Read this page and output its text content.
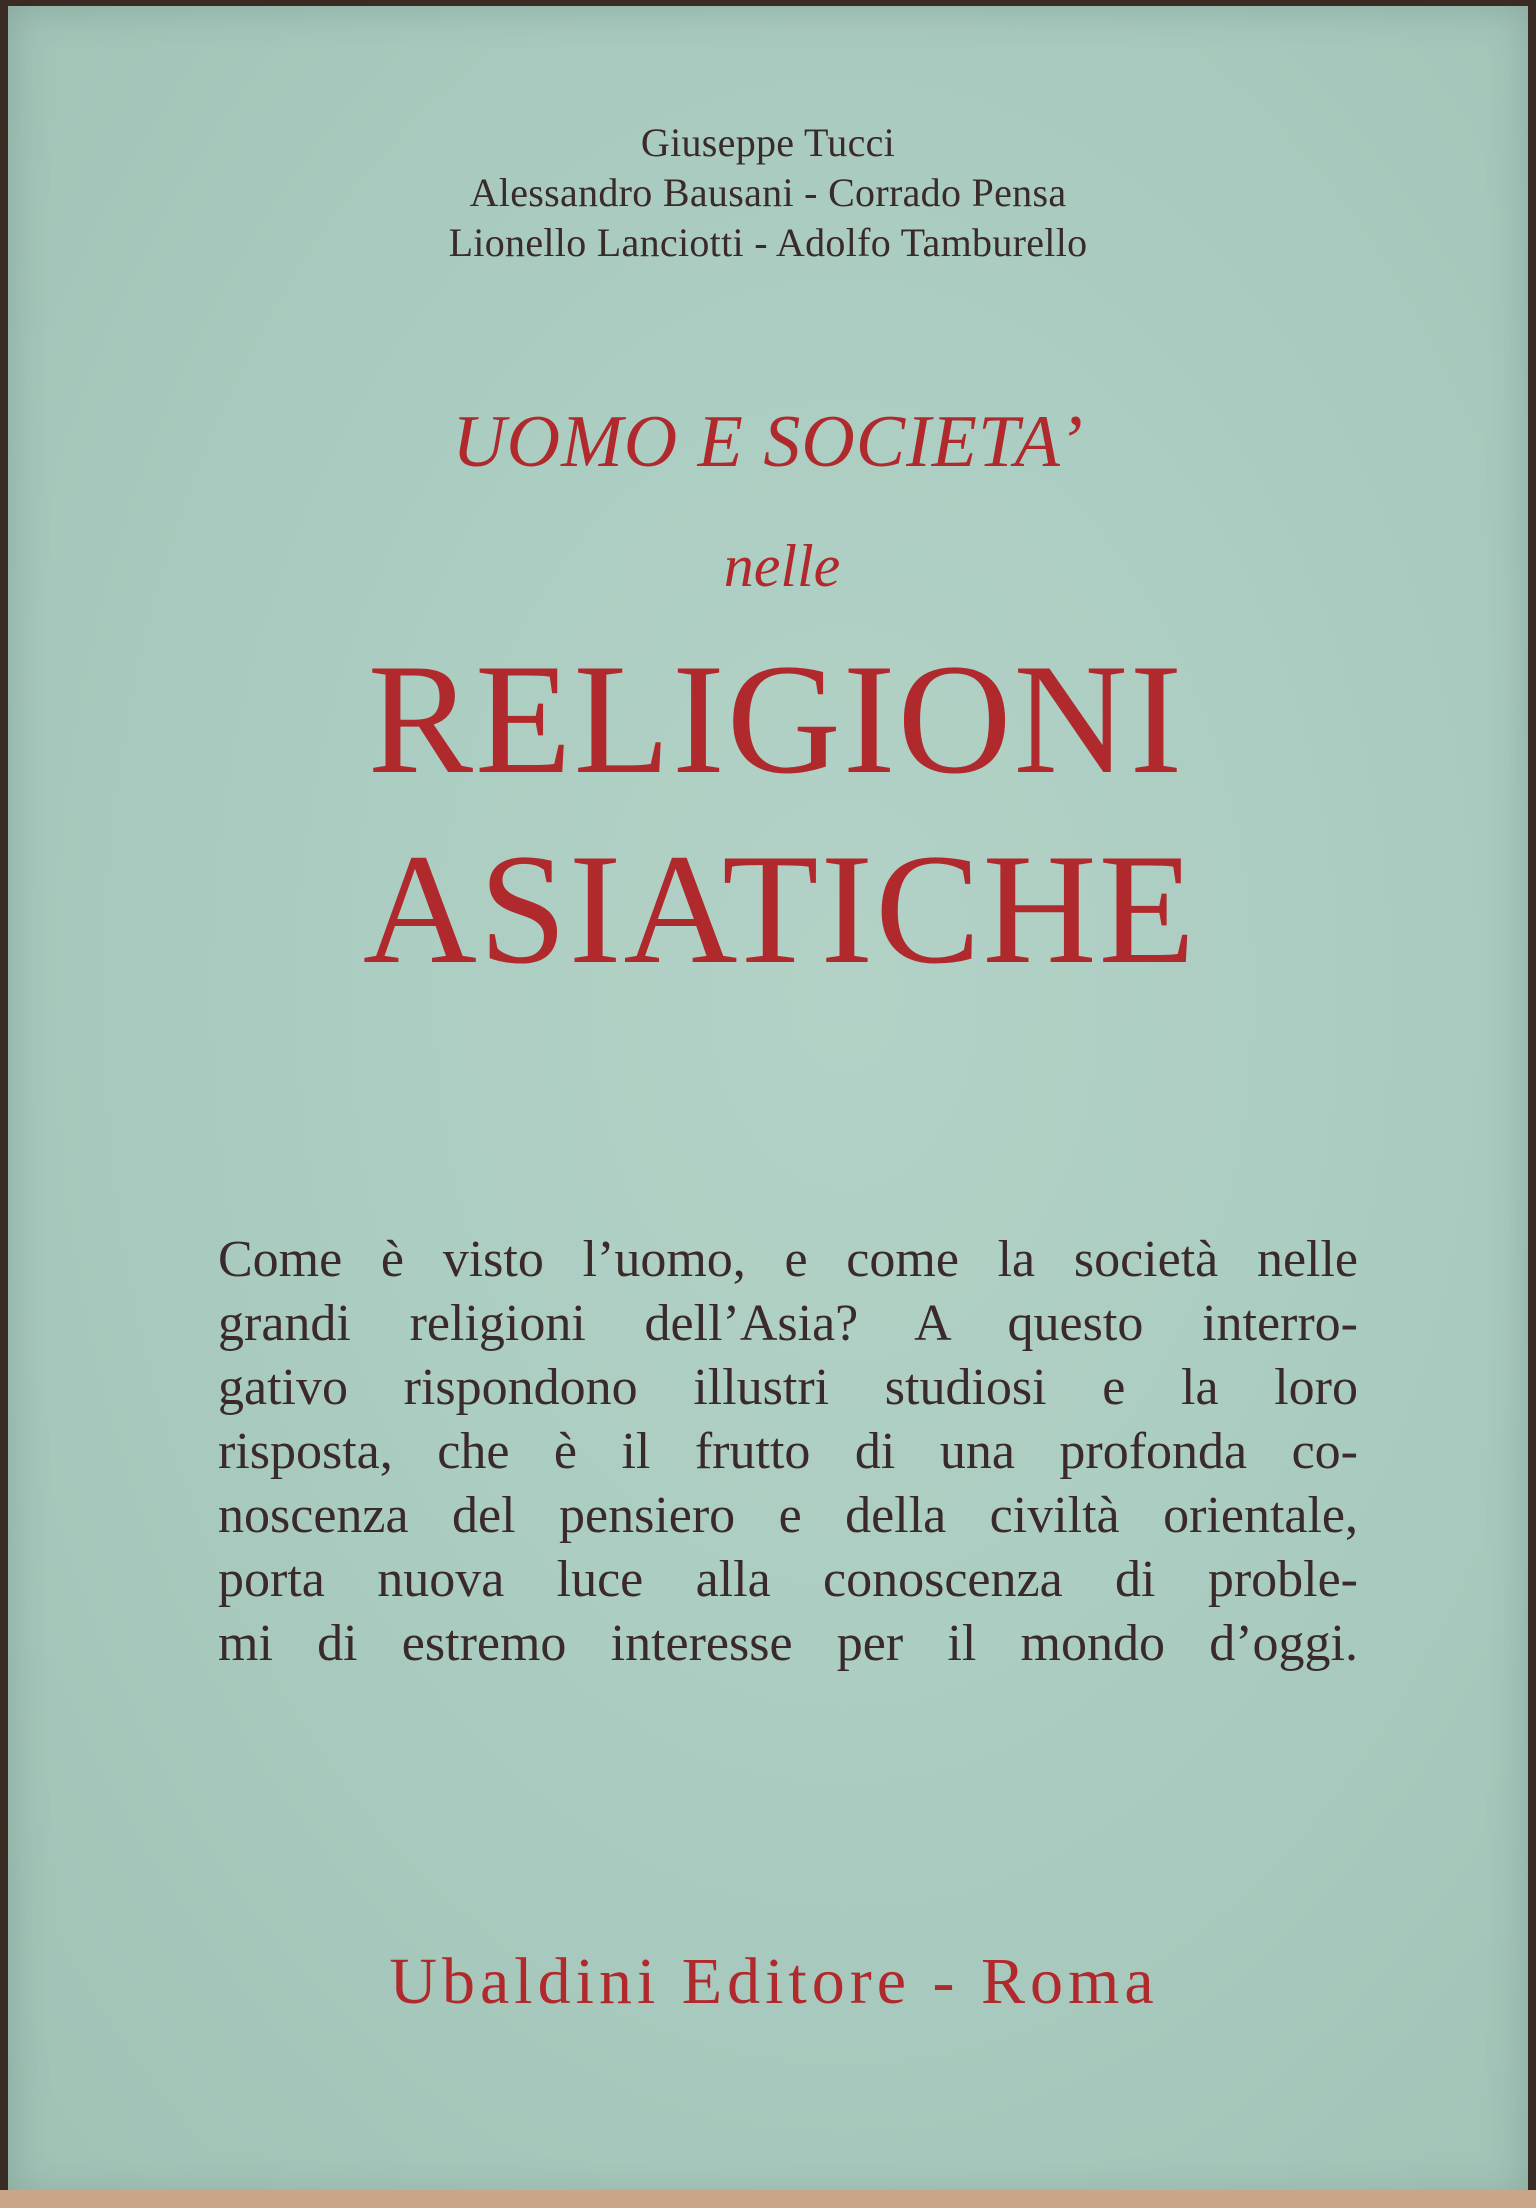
Giuseppe Tucci
Alessandro Bausani - Corrado Pensa
Lionello Lanciotti - Adolfo Tamburello
UOMO E SOCIETA’
nelle
RELIGIONI
ASIATICHE
Come è visto l’uomo, e come la società nelle
grandi religioni dell’Asia? A questo interro-
gativo rispondono illustri studiosi e la loro
risposta, che è il frutto di una profonda co-
noscenza del pensiero e della civiltà orientale,
porta nuova luce alla conoscenza di proble-
mi di estremo interesse per il mondo d’oggi.
Ubaldini Editore - Roma
